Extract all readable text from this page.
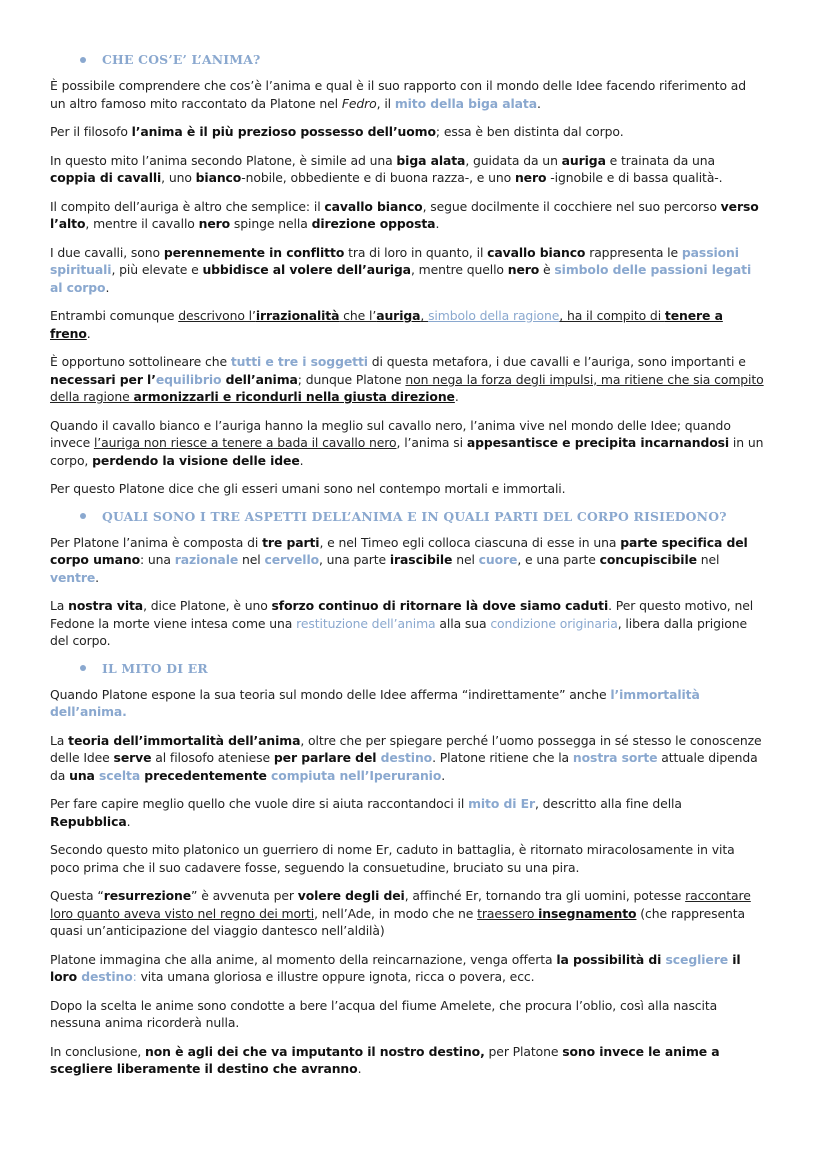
CHE COS’E’ L’ANIMA?

È possibile comprendere che cos’è l’anima e qual è il suo rapporto con il mondo delle Idee facendo riferimento ad un altro famoso mito raccontato da Platone nel Fedro, il mito della biga alata.

Per il filosofo l’anima è il più prezioso possesso dell’uomo; essa è ben distinta dal corpo.

In questo mito l’anima secondo Platone, è simile ad una biga alata, guidata da un auriga e trainata da una coppia di cavalli, uno bianco-nobile, obbediente e di buona razza-, e uno nero -ignobile e di bassa qualità-.

Il compito dell’auriga è altro che semplice: il cavallo bianco, segue docilmente il cocchiere nel suo percorso verso l’alto, mentre il cavallo nero spinge nella direzione opposta.

I due cavalli, sono perennemente in conflitto tra di loro in quanto, il cavallo bianco rappresenta le passioni spirituali, più elevate e ubbidisce al volere dell’auriga, mentre quello nero è simbolo delle passioni legati al corpo.

Entrambi comunque descrivono l’irrazionalità che l’auriga, simbolo della ragione, ha il compito di tenere a freno.

È opportuno sottolineare che tutti e tre i soggetti di questa metafora, i due cavalli e l’auriga, sono importanti e necessari per l’equilibrio dell’anima; dunque Platone non nega la forza degli impulsi, ma ritiene che sia compito della ragione armonizzarli e ricondurli nella giusta direzione.

Quando il cavallo bianco e l’auriga hanno la meglio sul cavallo nero, l’anima vive nel mondo delle Idee; quando invece l’auriga non riesce a tenere a bada il cavallo nero, l’anima si appesantisce e precipita incarnandosi in un corpo, perdendo la visione delle idee.

Per questo Platone dice che gli esseri umani sono nel contempo mortali e immortali.

QUALI SONO I TRE ASPETTI DELL’ANIMA E IN QUALI PARTI DEL CORPO RISIEDONO?

Per Platone l’anima è composta di tre parti, e nel Timeo egli colloca ciascuna di esse in una parte specifica del corpo umano: una razionale nel cervello, una parte irascibile nel cuore, e una parte concupiscibile nel ventre.

La nostra vita, dice Platone, è uno sforzo continuo di ritornare là dove siamo caduti. Per questo motivo, nel Fedone la morte viene intesa come una restituzione dell’anima alla sua condizione originaria, libera dalla prigione del corpo.

IL MITO DI ER

Quando Platone espone la sua teoria sul mondo delle Idee afferma “indirettamente” anche l’immortalità dell’anima.

La teoria dell’immortalità dell’anima, oltre che per spiegare perché l’uomo possegga in sé stesso le conoscenze delle Idee serve al filosofo ateniese per parlare del destino. Platone ritiene che la nostra sorte attuale dipenda da una scelta precedentemente compiuta nell’Iperuranio.

Per fare capire meglio quello che vuole dire si aiuta raccontandoci il mito di Er, descritto alla fine della Repubblica.

Secondo questo mito platonico un guerriero di nome Er, caduto in battaglia, è ritornato miracolosamente in vita poco prima che il suo cadavere fosse, seguendo la consuetudine, bruciato su una pira.

Questa “resurrezione” è avvenuta per volere degli dei, affinché Er, tornando tra gli uomini, potesse raccontare loro quanto aveva visto nel regno dei morti, nell’Ade, in modo che ne traessero insegnamento (che rappresenta quasi un’anticipazione del viaggio dantesco nell’aldilà)

Platone immagina che alla anime, al momento della reincarnazione, venga offerta la possibilità di scegliere il loro destino: vita umana gloriosa e illustre oppure ignota, ricca o povera, ecc.

Dopo la scelta le anime sono condotte a bere l’acqua del fiume Amelete, che procura l’oblio, così alla nascita nessuna anima ricorderà nulla.

In conclusione, non è agli dei che va imputanto il nostro destino, per Platone sono invece le anime a scegliere liberamente il destino che avranno.
